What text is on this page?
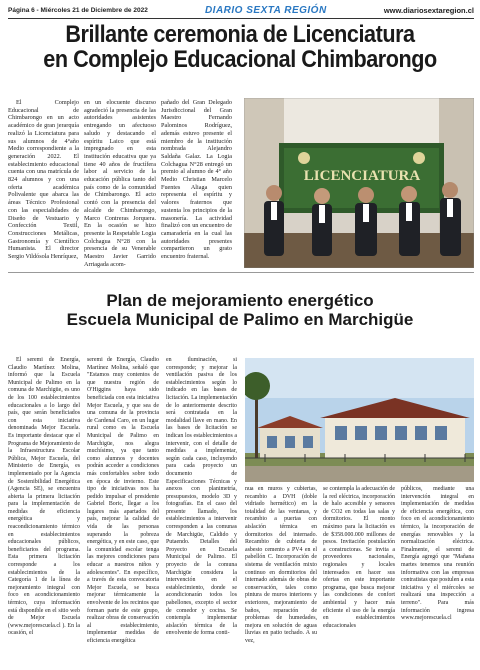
Página 6 - Miércoles 21 de Diciembre de 2022	DIARIO SEXTA REGIÓN	www.diariosextaregion.cl
Brillante ceremonia de Licenciatura
en Complejo Educacional Chimbarongo

El Complejo Educacional de Chimbarongo en un acto académico de gran jerarquía realizó la Licenciatura para sus alumnos de 4°año Medio correspondiente a la generación 2022. El establecimiento educacional cuenta con una matrícula de 824 alumnos y con una oferta académica Polivalente que abarca las áreas Técnico Profesional con las especialidades de Diseño de Vestuario y Confección Textil, Construcciones Metálicas, Gastronomía y Científico Humanista. El director Sergio Vildósola Henríquez,

en un elocuente discurso agradeció la presencia de las autoridades asistentes entregando un afectuoso saludo y destacando el espíritu Laico que está impregnado en esta institución educativa que ya tiene 40 años de fructífera labor al servicio de la educación pública tanto del país como de la comunidad de Chimbarongo. El acto contó con la presencia del alcalde de Chimbarongo, Marco Contreras Jorquera. En la ocasión se hizo presente la Respetable Logia Colchagua N°28 con la presencia de su Venerable Maestro Javier Garrido Arriagada acom-

pañado del Gran Delegado Jurisdiccional del Gran Maestro Fernando Palominos Rodríguez, además estuvo presente el miembro de la institución nombrada Alejandro Saldaña Galaz. La Logia Colchagua N°28 entregó un premio al alumno de 4° año Medio Christian Marcelo Fuentes Aliaga quien representa el espíritu y valores fraternos que sustenta los principios de la masonería. La actividad finalizó con un encuentro de camaradería en la cual las autoridades presentes compartieron un grato encuentro fraternal.

LICENCIATURA
Plan de mejoramiento energético
Escuela Municipal de Palimo en Marchigüe

El seremi de Energía, Claudio Martínez Molina, informó que la Escuela Municipal de Palimo en la comuna de Marchigüe, es uno de los 100 establecimientos educacionales a lo largo del país, que serán beneficiados con esta iniciativa denominada Mejor Escuela. Es importante destacar que el Programa de Mejoramiento de la Infraestructura Escolar Pública, Mejor Escuela, del Ministerio de Energía, es implementado por la Agencia de Sostenibilidad Energética (Agencia SE), se encuentra abierta la primera licitación para la implementación de medidas de eficiencia energética y reacondicionamiento térmico en establecimientos educacionales públicos, beneficiarios del programa. Esta primera licitación corresponde a los establecimientos de la Categoría 1 de la línea de mejoramiento integral con foco en acondicionamiento térmico, cuya información está disponible en el sitio web de Mejor Escuela (www.mejorescuela.cl ). En la ocasión, el

seremi de Energía, Claudio Martínez Molina, señaló que "Estamos muy contentos de que nuestra región de O'Higgins haya sido beneficiada con esta iniciativa Mejor Escuela, y que sea de una comuna de la provincia de Cardenal Caro, en un lugar rural como es la Escuela Municipal de Palimo en Marchigüe, nos alegra muchísimo, ya que tanto como alumnos y docentes podrán acceder a condiciones más confortables sobre todo en época de invierno. Este tipo de iniciativas nos ha pedido impulsar el presidente Gabriel Boric, llegar a los lugares más apartados del país, mejorar la calidad de vida de las personas superando la pobreza energética, y en este caso, que la comunidad escolar tenga las mejores condiciones para educar a nuestros niños y adolescentes". En específico, a través de esta convocatoria Mejor Escuela, se busca mejorar térmicamente la envolvente de los recintos que forman parte de este grupo, realizar obras de conservación al establecimiento, implementar medidas de eficiencia energética

en iluminación, si corresponde; y mejorar la ventilación pasiva de los establecimientos según lo indicado en las bases de licitación. La implementación de lo anteriormente descrito será contratada en la modalidad llave en mano. En las bases de licitación se indican los establecimientos a intervenir, con el detalle de medidas a implementar, según cada caso, incluyendo para cada proyecto un documento de Especificaciones Técnicas y anexos con planimetría, presupuestos, modelo 3D y fotografías. En el caso del presente llamado, los establecimientos a intervenir corresponden a las comunas de Marchigüe, Caldido y Putaendo. Detalles del Proyecto en Escuela Municipal de Palimo. El proyecto de la comuna Marchigüe considera la intervención en el establecimiento, donde se acondicionarán todos los pabellones, excepto el sector de comedor y cocina. Se contempla implementar aislación térmica de la envolvente de forma conti-

nua en muros y cubiertas, recambio a DVH (doble vidriado hermético) en la totalidad de las ventanas, y recambio a puertas con aislación térmica en dormitorios del internado. Recambio de cubierta de asbesto cemento a PV4 en el pabellón C. Incorporación de sistema de ventilación mixto continuo en dormitorios del internado además de obras de conservación, tales como pintura de muros interiores y exteriores, mejoramiento de baños, reparación de problemas de humedades, mejora en solución de aguas lluvias en patio techado. A su vez,

se contempla la adecuación de la red eléctrica, incorporación de halo accesible y sensores de CO2 en todas las salas y dormitorios. El monto máximo para la licitación es de $358.000.000 millones de pesos. Invitación postulación a constructoras. Se invita a proveedores nacionales, regionales y locales interesados en hacer sus ofertas en este importante programa, que busca mejorar las condiciones de confort ambiental y hacer más eficiente el uso de la energía en establecimientos educacionales

públicos, mediante una intervención integral en implementación de medidas de eficiencia energética, con foco en el acondicionamiento térmico, la incorporación de energías renovables y la normalización eléctrica. Finalmente, el seremi de Energía agregó que "Mañana martes tenemos una reunión informativa con las empresas contratistas que postulen a esta iniciativa y el miércoles se realizará una inspección a terreno". Para más información ingresa www.mejorescuela.cl
